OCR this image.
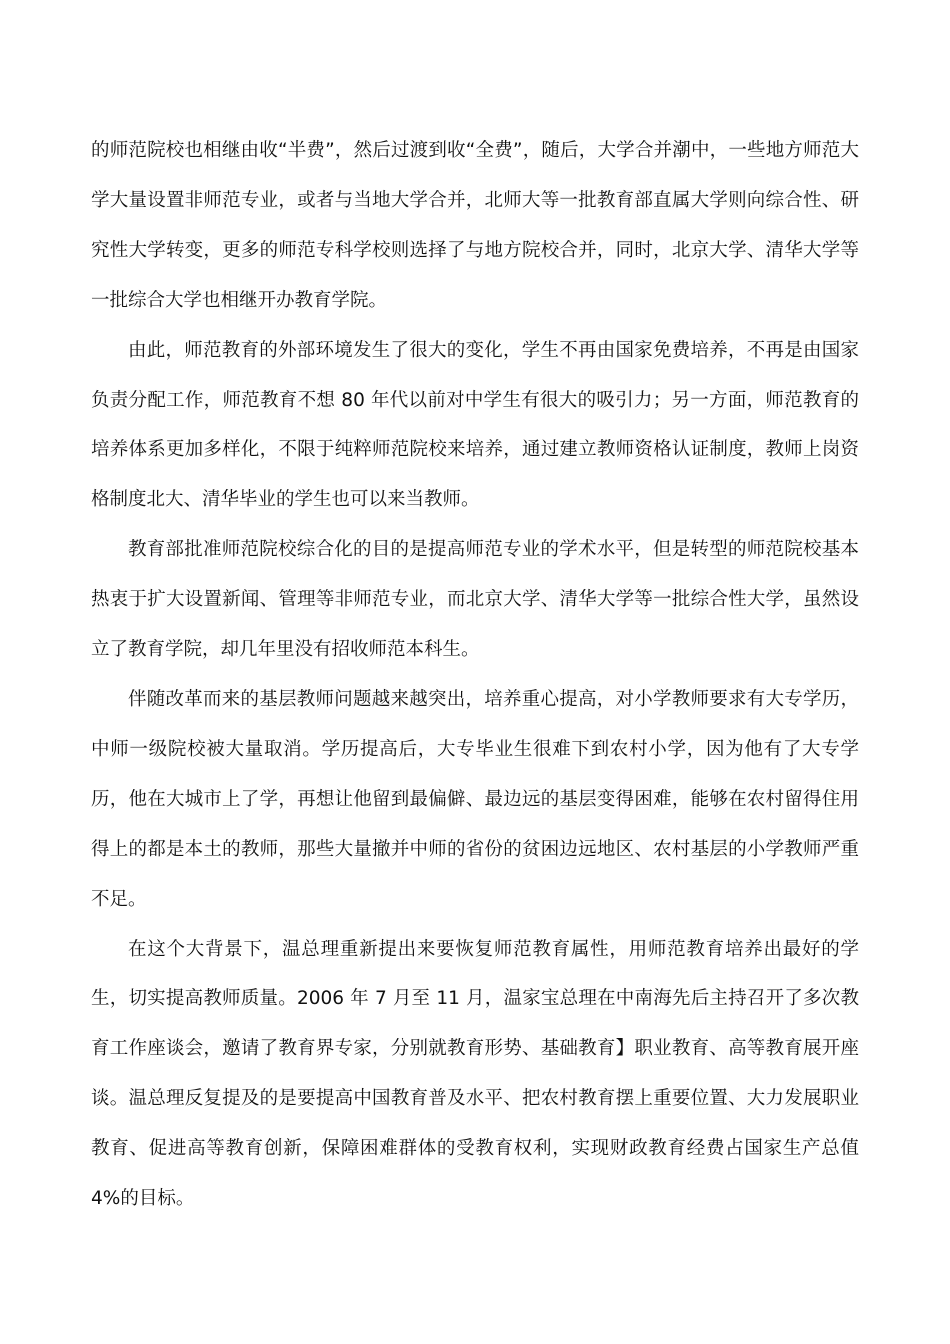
的师范院校也相继由收“半费”，然后过渡到收“全费”，随后，大学合并潮中，一些地方师范大学大量设置非师范专业，或者与当地大学合并，北师大等一批教育部直属大学则向综合性、研究性大学转变，更多的师范专科学校则选择了与地方院校合并，同时，北京大学、清华大学等一批综合大学也相继开办教育学院。

由此，师范教育的外部环境发生了很大的变化，学生不再由国家免费培养，不再是由国家负责分配工作，师范教育不想 80 年代以前对中学生有很大的吸引力；另一方面，师范教育的培养体系更加多样化，不限于纯粹师范院校来培养，通过建立教师资格认证制度，教师上岗资格制度北大、清华毕业的学生也可以来当教师。

教育部批准师范院校综合化的目的是提高师范专业的学术水平，但是转型的师范院校基本热衷于扩大设置新闻、管理等非师范专业，而北京大学、清华大学等一批综合性大学，虽然设立了教育学院，却几年里没有招收师范本科生。

伴随改革而来的基层教师问题越来越突出，培养重心提高，对小学教师要求有大专学历，中师一级院校被大量取消。学历提高后，大专毕业生很难下到农村小学，因为他有了大专学历，他在大城市上了学，再想让他留到最偏僻、最边远的基层变得困难，能够在农村留得住用得上的都是本土的教师，那些大量撤并中师的省份的贫困边远地区、农村基层的小学教师严重不足。

在这个大背景下，温总理重新提出来要恢复师范教育属性，用师范教育培养出最好的学生，切实提高教师质量。2006 年 7 月至 11 月，温家宝总理在中南海先后主持召开了多次教育工作座谈会，邀请了教育界专家，分别就教育形势、基础教育】职业教育、高等教育展开座谈。温总理反复提及的是要提高中国教育普及水平、把农村教育摆上重要位置、大力发展职业教育、促进高等教育创新，保障困难群体的受教育权利，实现财政教育经费占国家生产总值 4%的目标。
